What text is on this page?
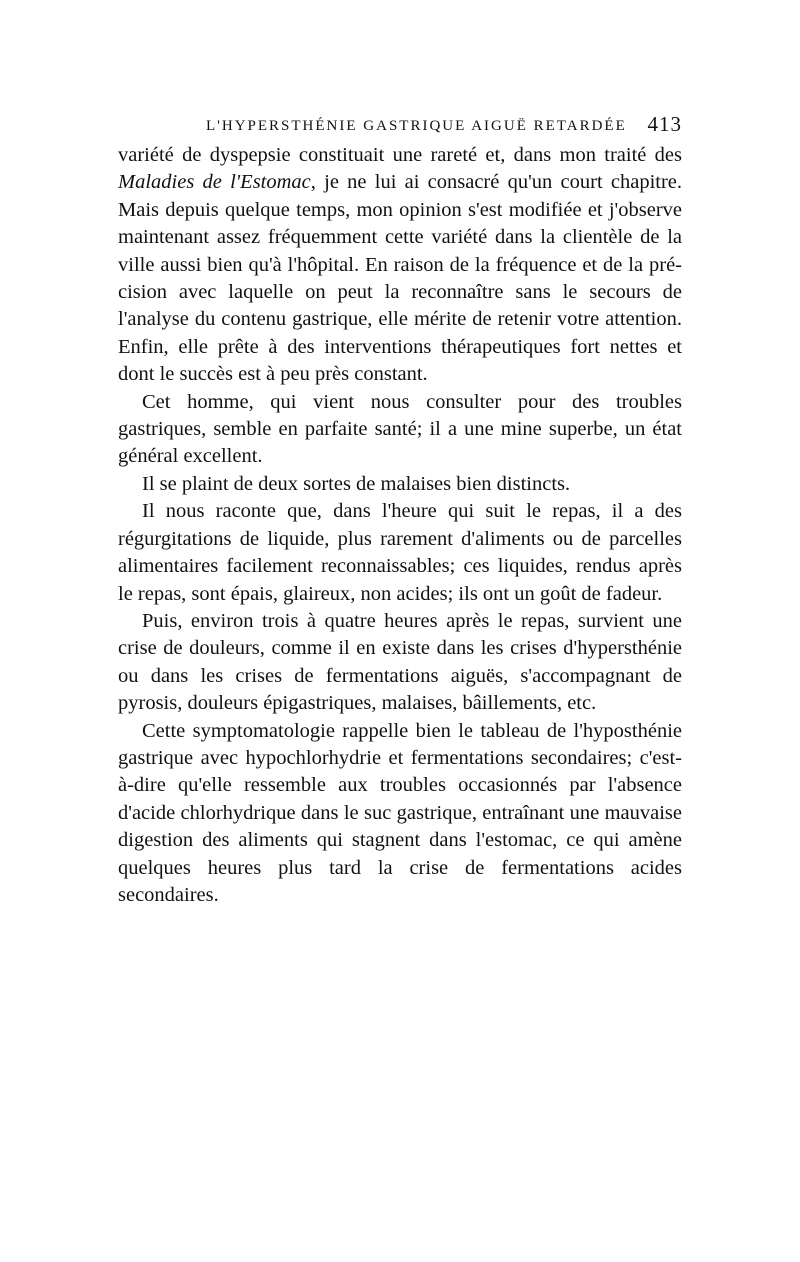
L'HYPERSTHÉNIE GASTRIQUE AIGUË RETARDÉE 413

variété de dyspepsie constituait une rareté et, dans mon traité des Maladies de l'Estomac, je ne lui ai consacré qu'un court chapitre. Mais depuis quelque temps, mon opinion s'est modifiée et j'observe maintenant assez fréquemment cette variété dans la clientèle de la ville aussi bien qu'à l'hôpital. En raison de la fréquence et de la précision avec laquelle on peut la reconnaître sans le secours de l'analyse du contenu gastrique, elle mérite de retenir votre attention. Enfin, elle prête à des interventions thérapeutiques fort nettes et dont le succès est à peu près constant.

Cet homme, qui vient nous consulter pour des troubles gastriques, semble en parfaite santé; il a une mine superbe, un état général excellent.

Il se plaint de deux sortes de malaises bien distincts.

Il nous raconte que, dans l'heure qui suit le repas, il a des régurgitations de liquide, plus rarement d'aliments ou de parcelles alimentaires facilement reconnaissables; ces liquides, rendus après le repas, sont épais, glaireux, non acides; ils ont un goût de fadeur.

Puis, environ trois à quatre heures après le repas, survient une crise de douleurs, comme il en existe dans les crises d'hypersthénie ou dans les crises de fermentations aiguës, s'accompagnant de pyrosis, douleurs épigastriques, malaises, bâillements, etc.

Cette symptomatologie rappelle bien le tableau de l'hyposthénie gastrique avec hypochlorhydrie et fermentations secondaires; c'est-à-dire qu'elle ressemble aux troubles occasionnés par l'absence d'acide chlorhydrique dans le suc gastrique, entraînant une mauvaise digestion des aliments qui stagnent dans l'estomac, ce qui amène quelques heures plus tard la crise de fermentations acides secondaires.
